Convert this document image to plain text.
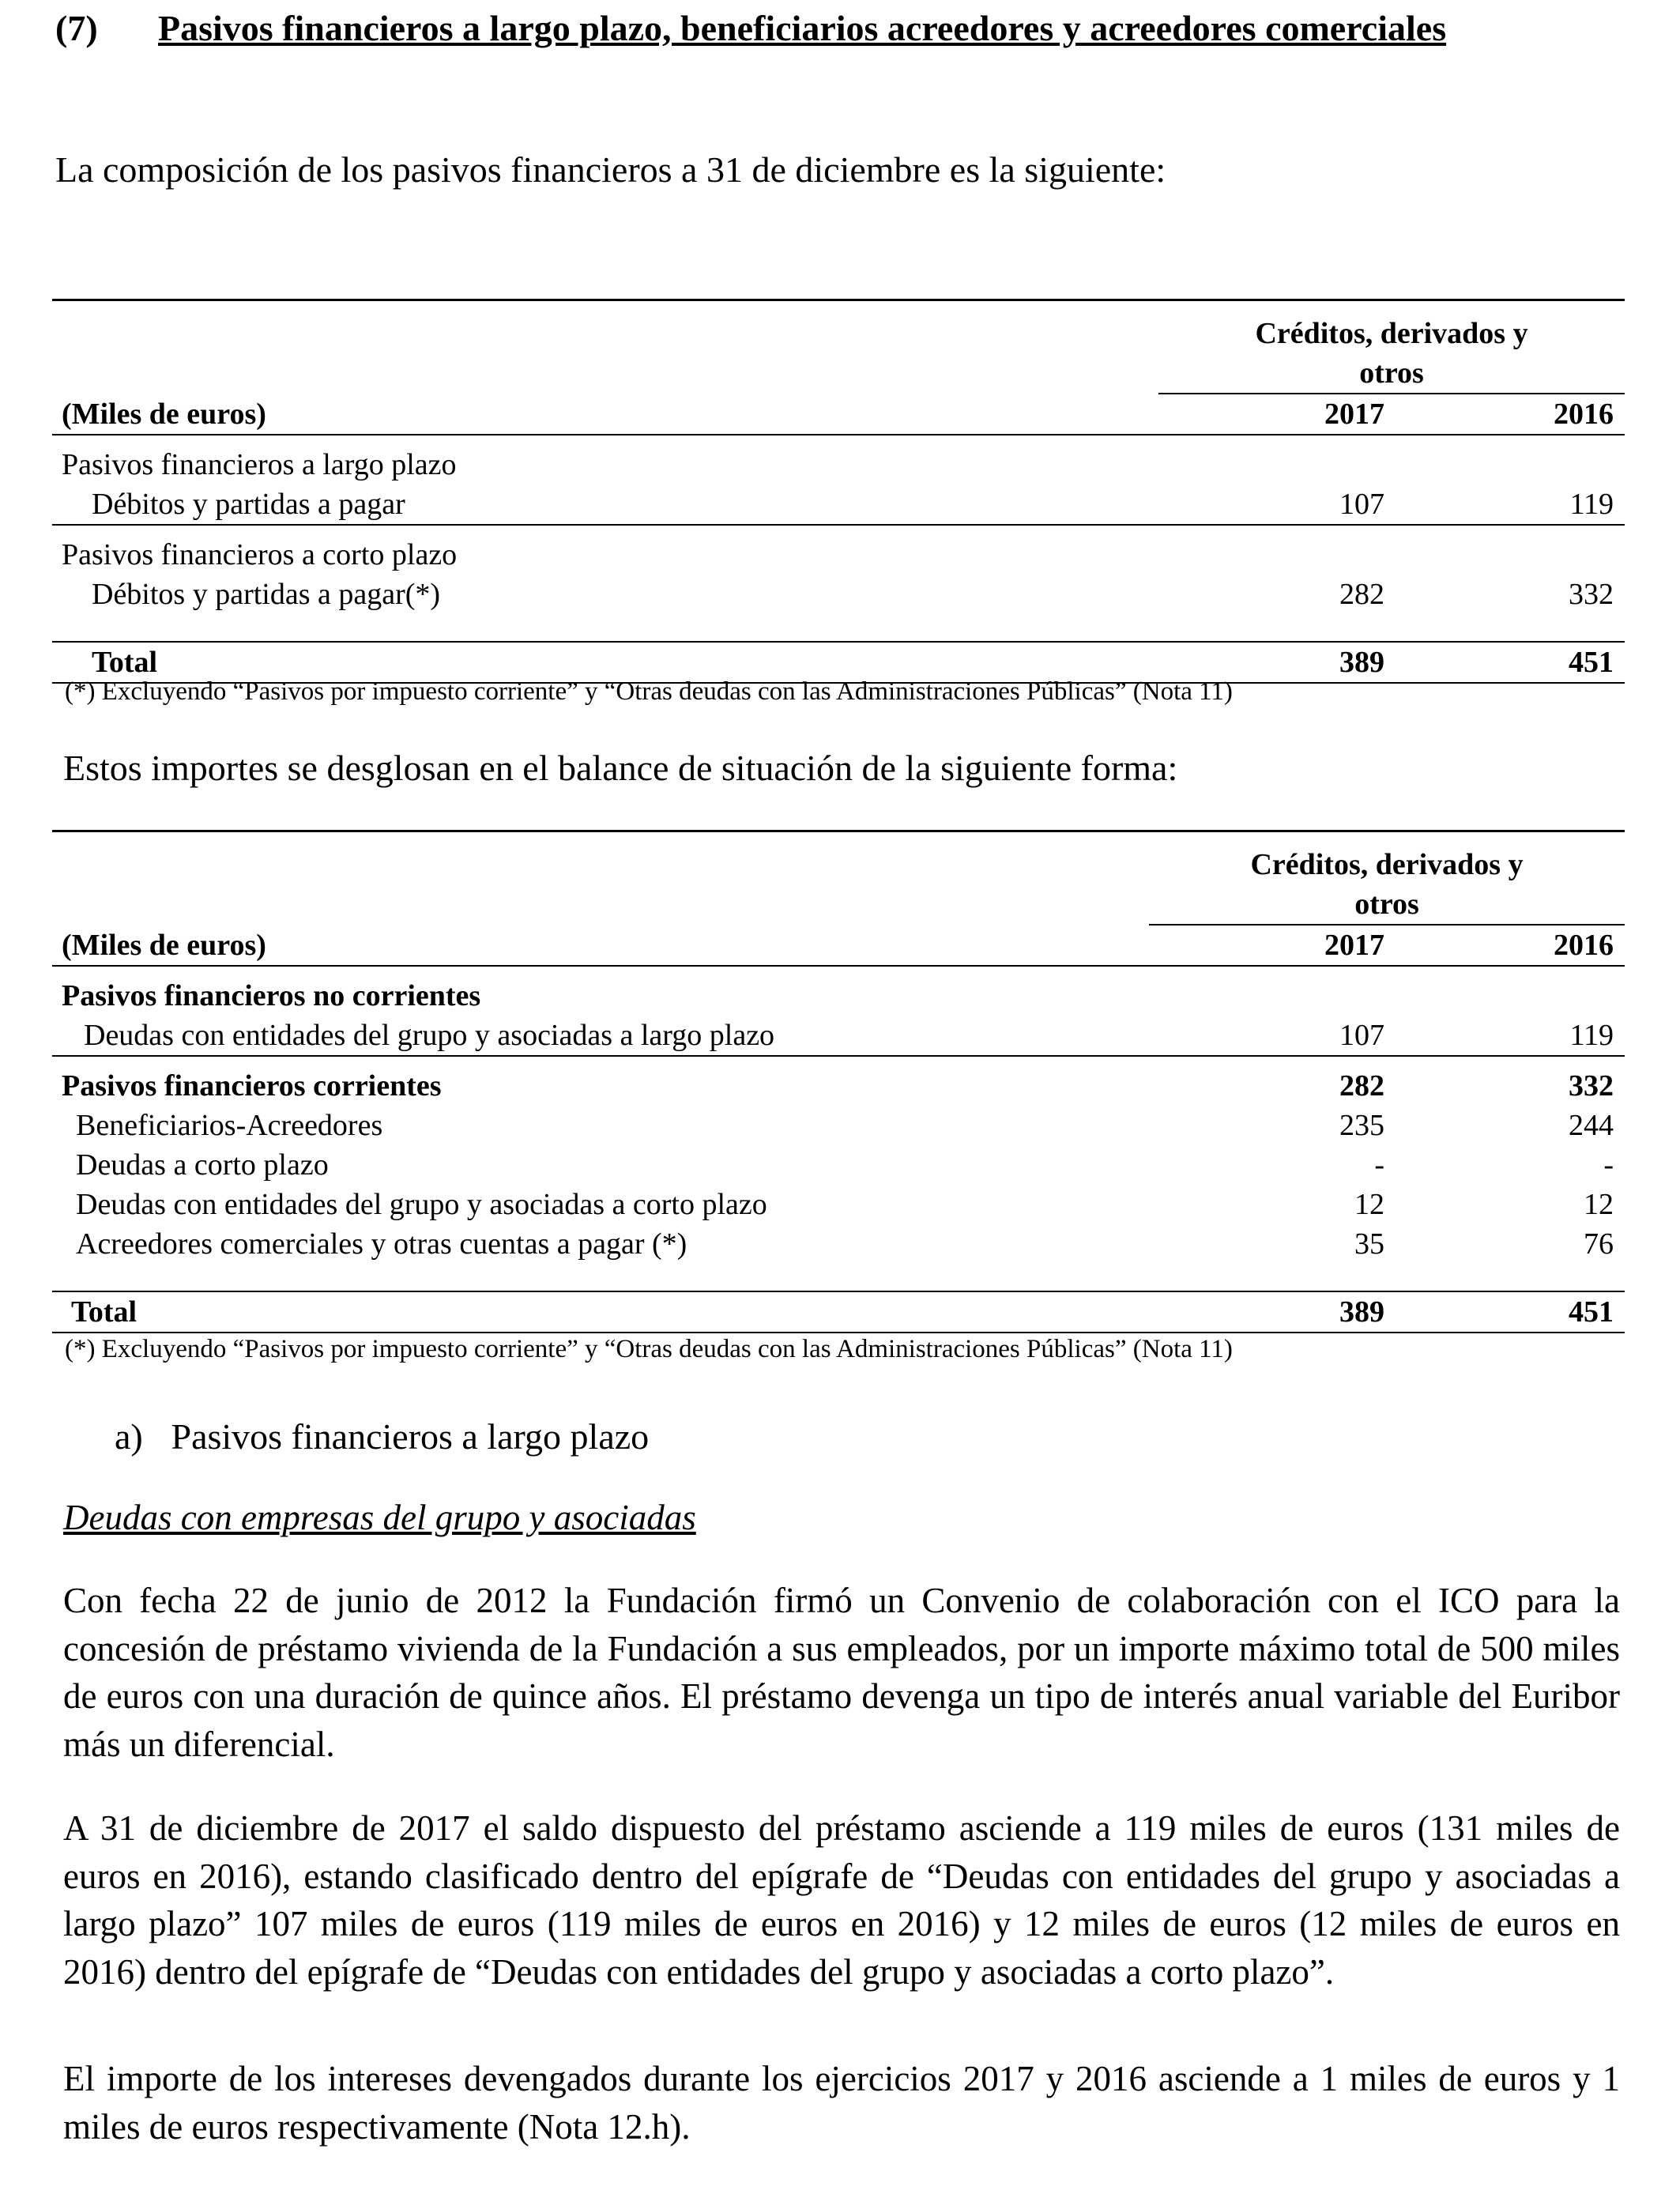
(7) Pasivos financieros a largo plazo, beneficiarios acreedores y acreedores comerciales
La composición de los pasivos financieros a 31 de diciembre es la siguiente:

	Créditos, derivados y otros	
(Miles de euros)	2017	2016

Pasivos financieros a largo plazo		
Débitos y partidas a pagar	107	119

Pasivos financieros a corto plazo		
Débitos y partidas a pagar(*)	282	332

Total	389	451
(*) Excluyendo “Pasivos por impuesto corriente” y “Otras deudas con las Administraciones Públicas” (Nota 11)
Estos importes se desglosan en el balance de situación de la siguiente forma:

	Créditos, derivados y otros	
(Miles de euros)	2017	2016

Pasivos financieros no corrientes		
Deudas con entidades del grupo y asociadas a largo plazo	107	119

Pasivos financieros corrientes	282	332
Beneficiarios-Acreedores	235	244
Deudas a corto plazo	-	-
Deudas con entidades del grupo y asociadas a corto plazo	12	12
Acreedores comerciales y otras cuentas a pagar (*)	35	76

Total	389	451
(*) Excluyendo “Pasivos por impuesto corriente” y “Otras deudas con las Administraciones Públicas” (Nota 11)
a) Pasivos financieros a largo plazo
Deudas con empresas del grupo y asociadas
Con fecha 22 de junio de 2012 la Fundación firmó un Convenio de colaboración con el ICO para la concesión de préstamo vivienda de la Fundación a sus empleados, por un importe máximo total de 500 miles de euros con una duración de quince años. El préstamo devenga un tipo de interés anual variable del Euribor más un diferencial.
A 31 de diciembre de 2017 el saldo dispuesto del préstamo asciende a 119 miles de euros (131 miles de euros en 2016), estando clasificado dentro del epígrafe de “Deudas con entidades del grupo y asociadas a largo plazo” 107 miles de euros (119 miles de euros en 2016) y 12 miles de euros (12 miles de euros en 2016) dentro del epígrafe de “Deudas con entidades del grupo y asociadas a corto plazo”.
El importe de los intereses devengados durante los ejercicios 2017 y 2016 asciende a 1 miles de euros y 1 miles de euros respectivamente (Nota 12.h).
